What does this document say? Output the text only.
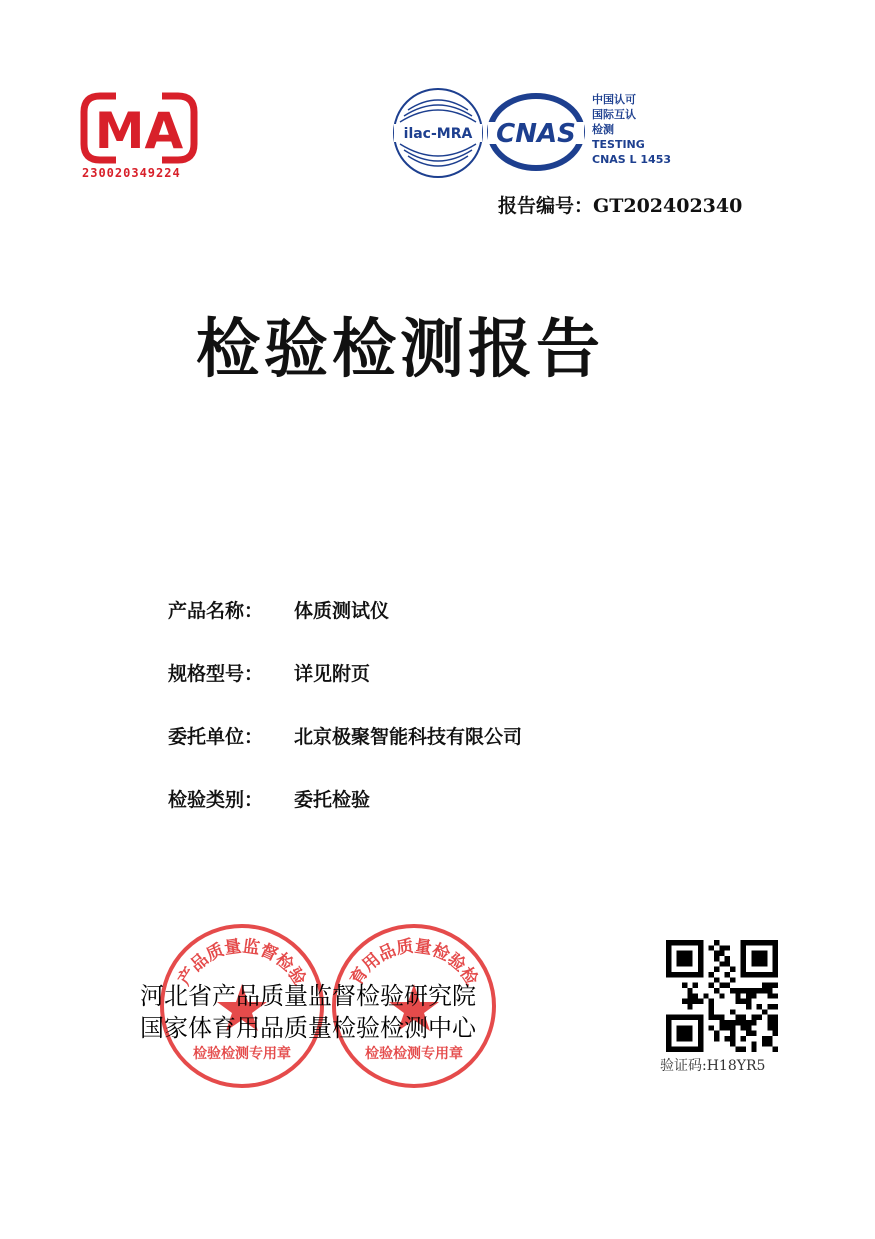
MA
230020349224
ilac-MRA CNAS
中国认可
国际互认
检测
TESTING
CNAS L 1453
报告编号：GT202402340
检验检测报告
产品名称：	体质测试仪
规格型号：	详见附页
委托单位：	北京极聚智能科技有限公司
检验类别：	委托检验
产品质量监督检验
检验检测专用章
育用品质量检验检
检验检测专用章
河北省产品质量监督检验研究院
国家体育用品质量检验检测中心
验证码:H18YR5
